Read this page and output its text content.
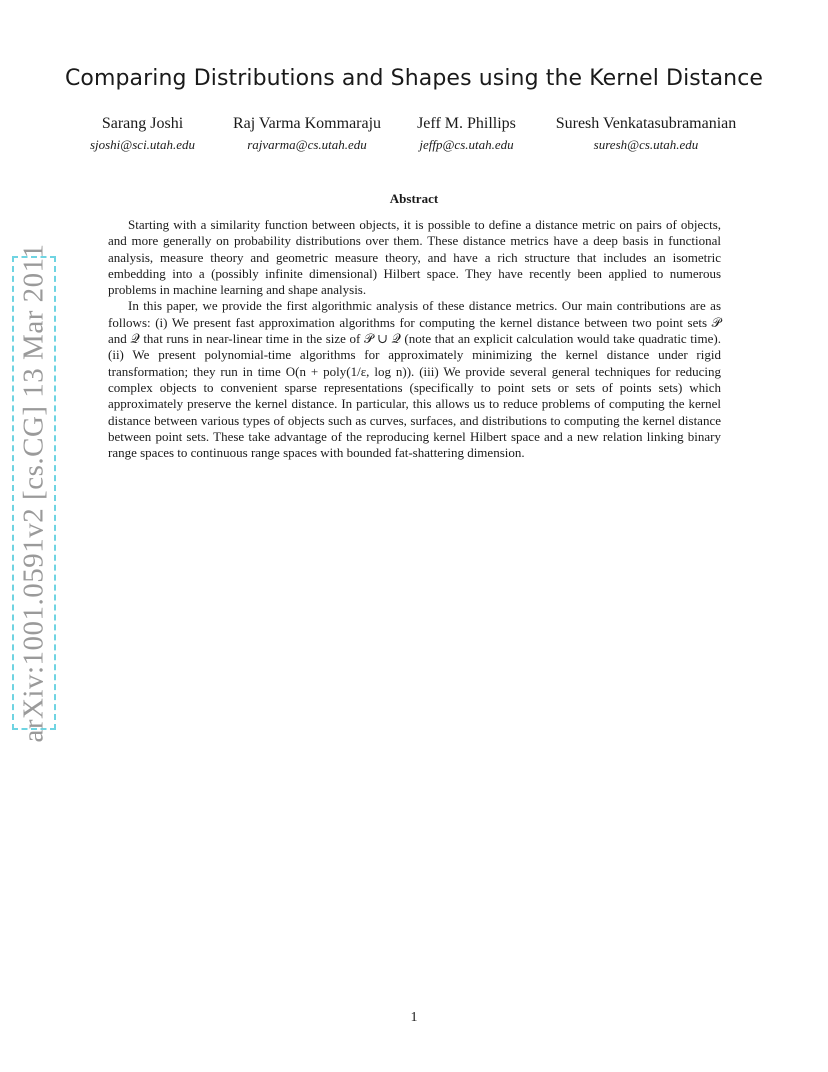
arXiv:1001.0591v2 [cs.CG] 13 Mar 2011
Comparing Distributions and Shapes using the Kernel Distance
Sarang Joshi
sjoshi@sci.utah.edu
Raj Varma Kommaraju
rajvarma@cs.utah.edu
Jeff M. Phillips
jeffp@cs.utah.edu
Suresh Venkatasubramanian
suresh@cs.utah.edu
Abstract

Starting with a similarity function between objects, it is possible to define a distance metric on pairs of objects, and more generally on probability distributions over them. These distance metrics have a deep basis in functional analysis, measure theory and geometric measure theory, and have a rich structure that includes an isometric embedding into a (possibly infinite dimensional) Hilbert space. They have recently been applied to numerous problems in machine learning and shape analysis.

In this paper, we provide the first algorithmic analysis of these distance metrics. Our main contributions are as follows: (i) We present fast approximation algorithms for computing the kernel distance between two point sets 𝒫 and 𝒬 that runs in near-linear time in the size of 𝒫 ∪ 𝒬 (note that an explicit calculation would take quadratic time). (ii) We present polynomial-time algorithms for approximately minimizing the kernel distance under rigid transformation; they run in time O(n + poly(1/ε, log n)). (iii) We provide several general techniques for reducing complex objects to convenient sparse representations (specifically to point sets or sets of points sets) which approximately preserve the kernel distance. In particular, this allows us to reduce problems of computing the kernel distance between various types of objects such as curves, surfaces, and distributions to computing the kernel distance between point sets. These take advantage of the reproducing kernel Hilbert space and a new relation linking binary range spaces to continuous range spaces with bounded fat-shattering dimension.

1
